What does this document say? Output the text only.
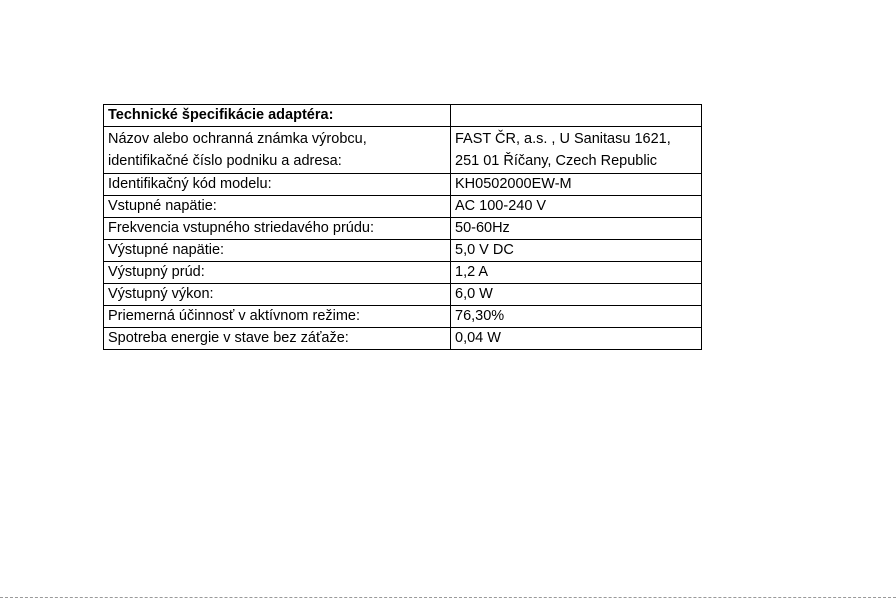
Technické špecifikácie adaptéra:	

Názov alebo ochranná známka výrobcu,
identifikačné číslo podniku a adresa:	FAST ČR, a.s. , U Sanitasu 1621,
251 01 Říčany, Czech Republic

Identifikačný kód modelu:	KH0502000EW-M
Vstupné napätie:	AC 100-240 V
Frekvencia vstupného striedavého prúdu:	50-60Hz
Výstupné napätie:	5,0 V DC
Výstupný prúd:	1,2 A
Výstupný výkon:	6,0 W
Priemerná účinnosť v aktívnom režime:	76,30%
Spotreba energie v stave bez záťaže:	0,04 W
